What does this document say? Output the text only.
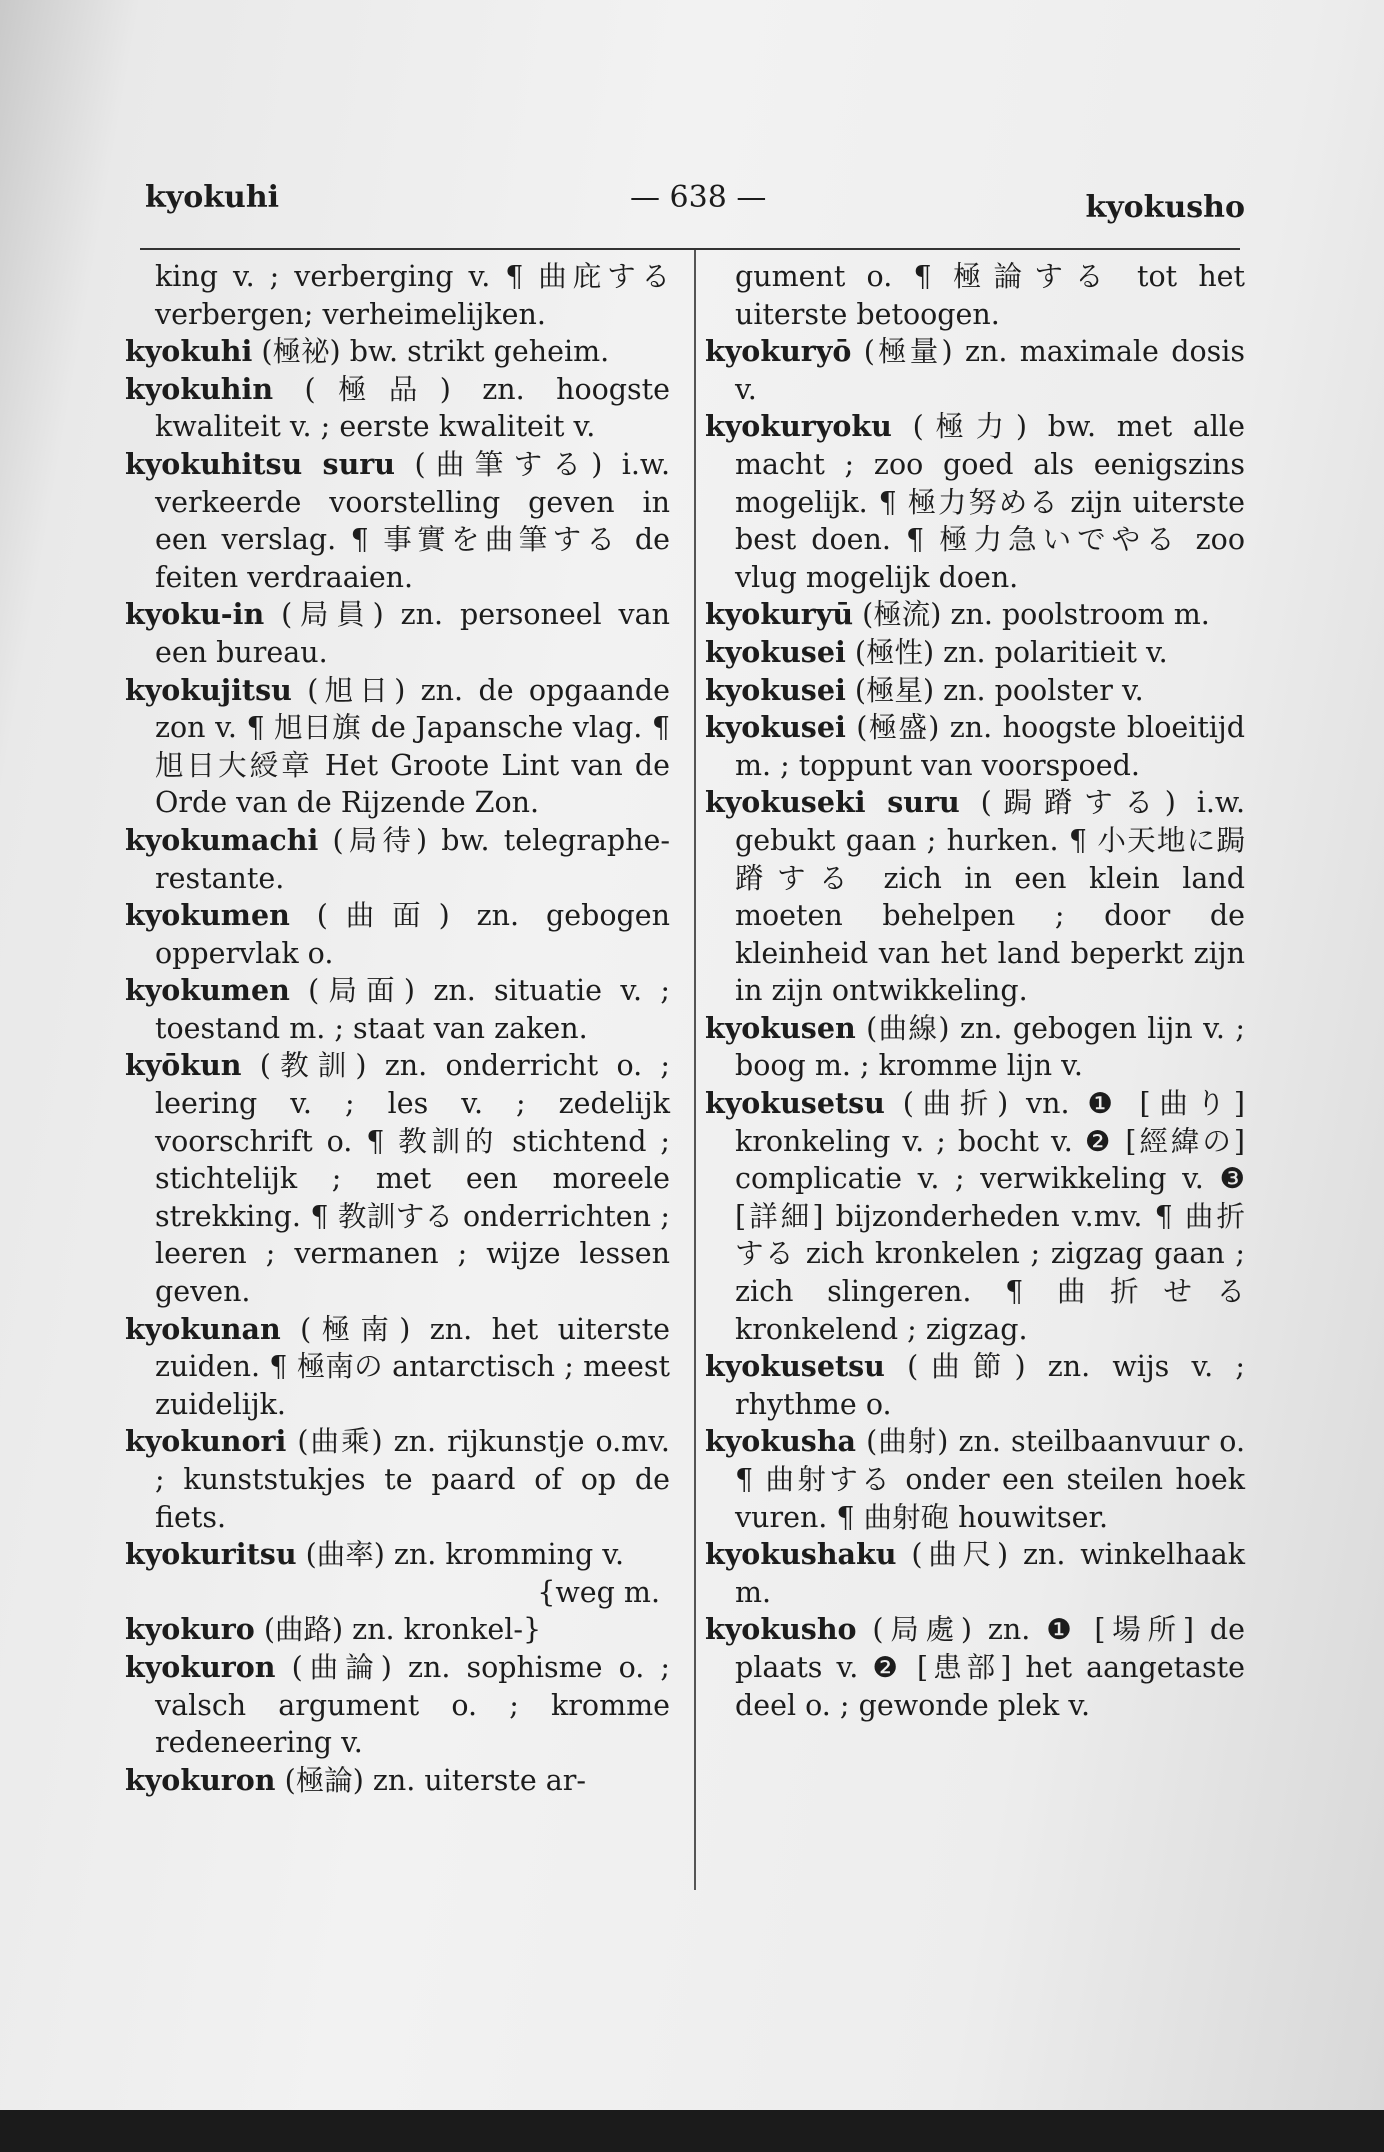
kyokuhi	— 638 —	kyokusho

king v. ; verberging v. ¶ 曲庇する verbergen; verheimelijken.

kyokuhi (極祕) bw. strikt geheim.

kyokuhin (極品) zn. hoogste kwaliteit v. ; eerste kwaliteit v.

kyokuhitsu suru (曲筆する) i.w. verkeerde voorstelling geven in een verslag. ¶ 事實を曲筆する de feiten verdraaien.

kyoku-in (局員) zn. personeel van een bureau.

kyokujitsu (旭日) zn. de opgaande zon v. ¶ 旭日旗 de Japansche vlag. ¶ 旭日大綬章 Het Groote Lint van de Orde van de Rijzende Zon.

kyokumachi (局待) bw. telegraphe-restante.

kyokumen (曲面) zn. gebogen oppervlak o.

kyokumen (局面) zn. situatie v. ; toestand m. ; staat van zaken.

kyōkun (教訓) zn. onderricht o. ; leering v. ; les v. ; zedelijk voorschrift o. ¶ 教訓的 stichtend ; stichtelijk ; met een moreele strekking. ¶ 教訓する onderrichten ; leeren ; vermanen ; wijze lessen geven.

kyokunan (極南) zn. het uiterste zuiden. ¶ 極南の antarctisch ; meest zuidelijk.

kyokunori (曲乘) zn. rijkunstje o.mv. ; kunststukjes te paard of op de fiets.

kyokuritsu (曲率) zn. kromming v.

{weg m.

kyokuro (曲路) zn. kronkel-}

kyokuron (曲論) zn. sophisme o. ; valsch argument o. ; kromme redeneering v.

kyokuron (極論) zn. uiterste ar-

gument o. ¶ 極論する tot het uiterste betoogen.

kyokuryō (極量) zn. maximale dosis v.

kyokuryoku (極力) bw. met alle macht ; zoo goed als eenigszins mogelijk. ¶ 極力努める zijn uiterste best doen. ¶ 極力急いでやる zoo vlug mogelijk doen.

kyokuryū (極流) zn. poolstroom m.

kyokusei (極性) zn. polaritieit v.

kyokusei (極星) zn. poolster v.

kyokusei (極盛) zn. hoogste bloeitijd m. ; toppunt van voorspoed.

kyokuseki suru (跼蹐する) i.w. gebukt gaan ; hurken. ¶ 小天地に跼蹐する zich in een klein land moeten behelpen ; door de kleinheid van het land beperkt zijn in zijn ontwikkeling.

kyokusen (曲線) zn. gebogen lijn v. ; boog m. ; kromme lijn v.

kyokusetsu (曲折) vn. ❶ [曲り] kronkeling v. ; bocht v. ❷ [經緯の] complicatie v. ; verwikkeling v. ❸ [詳細] bijzonderheden v.mv. ¶ 曲折する zich kronkelen ; zigzag gaan ; zich slingeren. ¶ 曲折せる kronkelend ; zigzag.

kyokusetsu (曲節) zn. wijs v. ; rhythme o.

kyokusha (曲射) zn. steilbaanvuur o. ¶ 曲射する onder een steilen hoek vuren. ¶ 曲射砲 houwitser.

kyokushaku (曲尺) zn. winkelhaak m.

kyokusho (局處) zn. ❶ [場所] de plaats v. ❷ [患部] het aangetaste deel o. ; gewonde plek v.
